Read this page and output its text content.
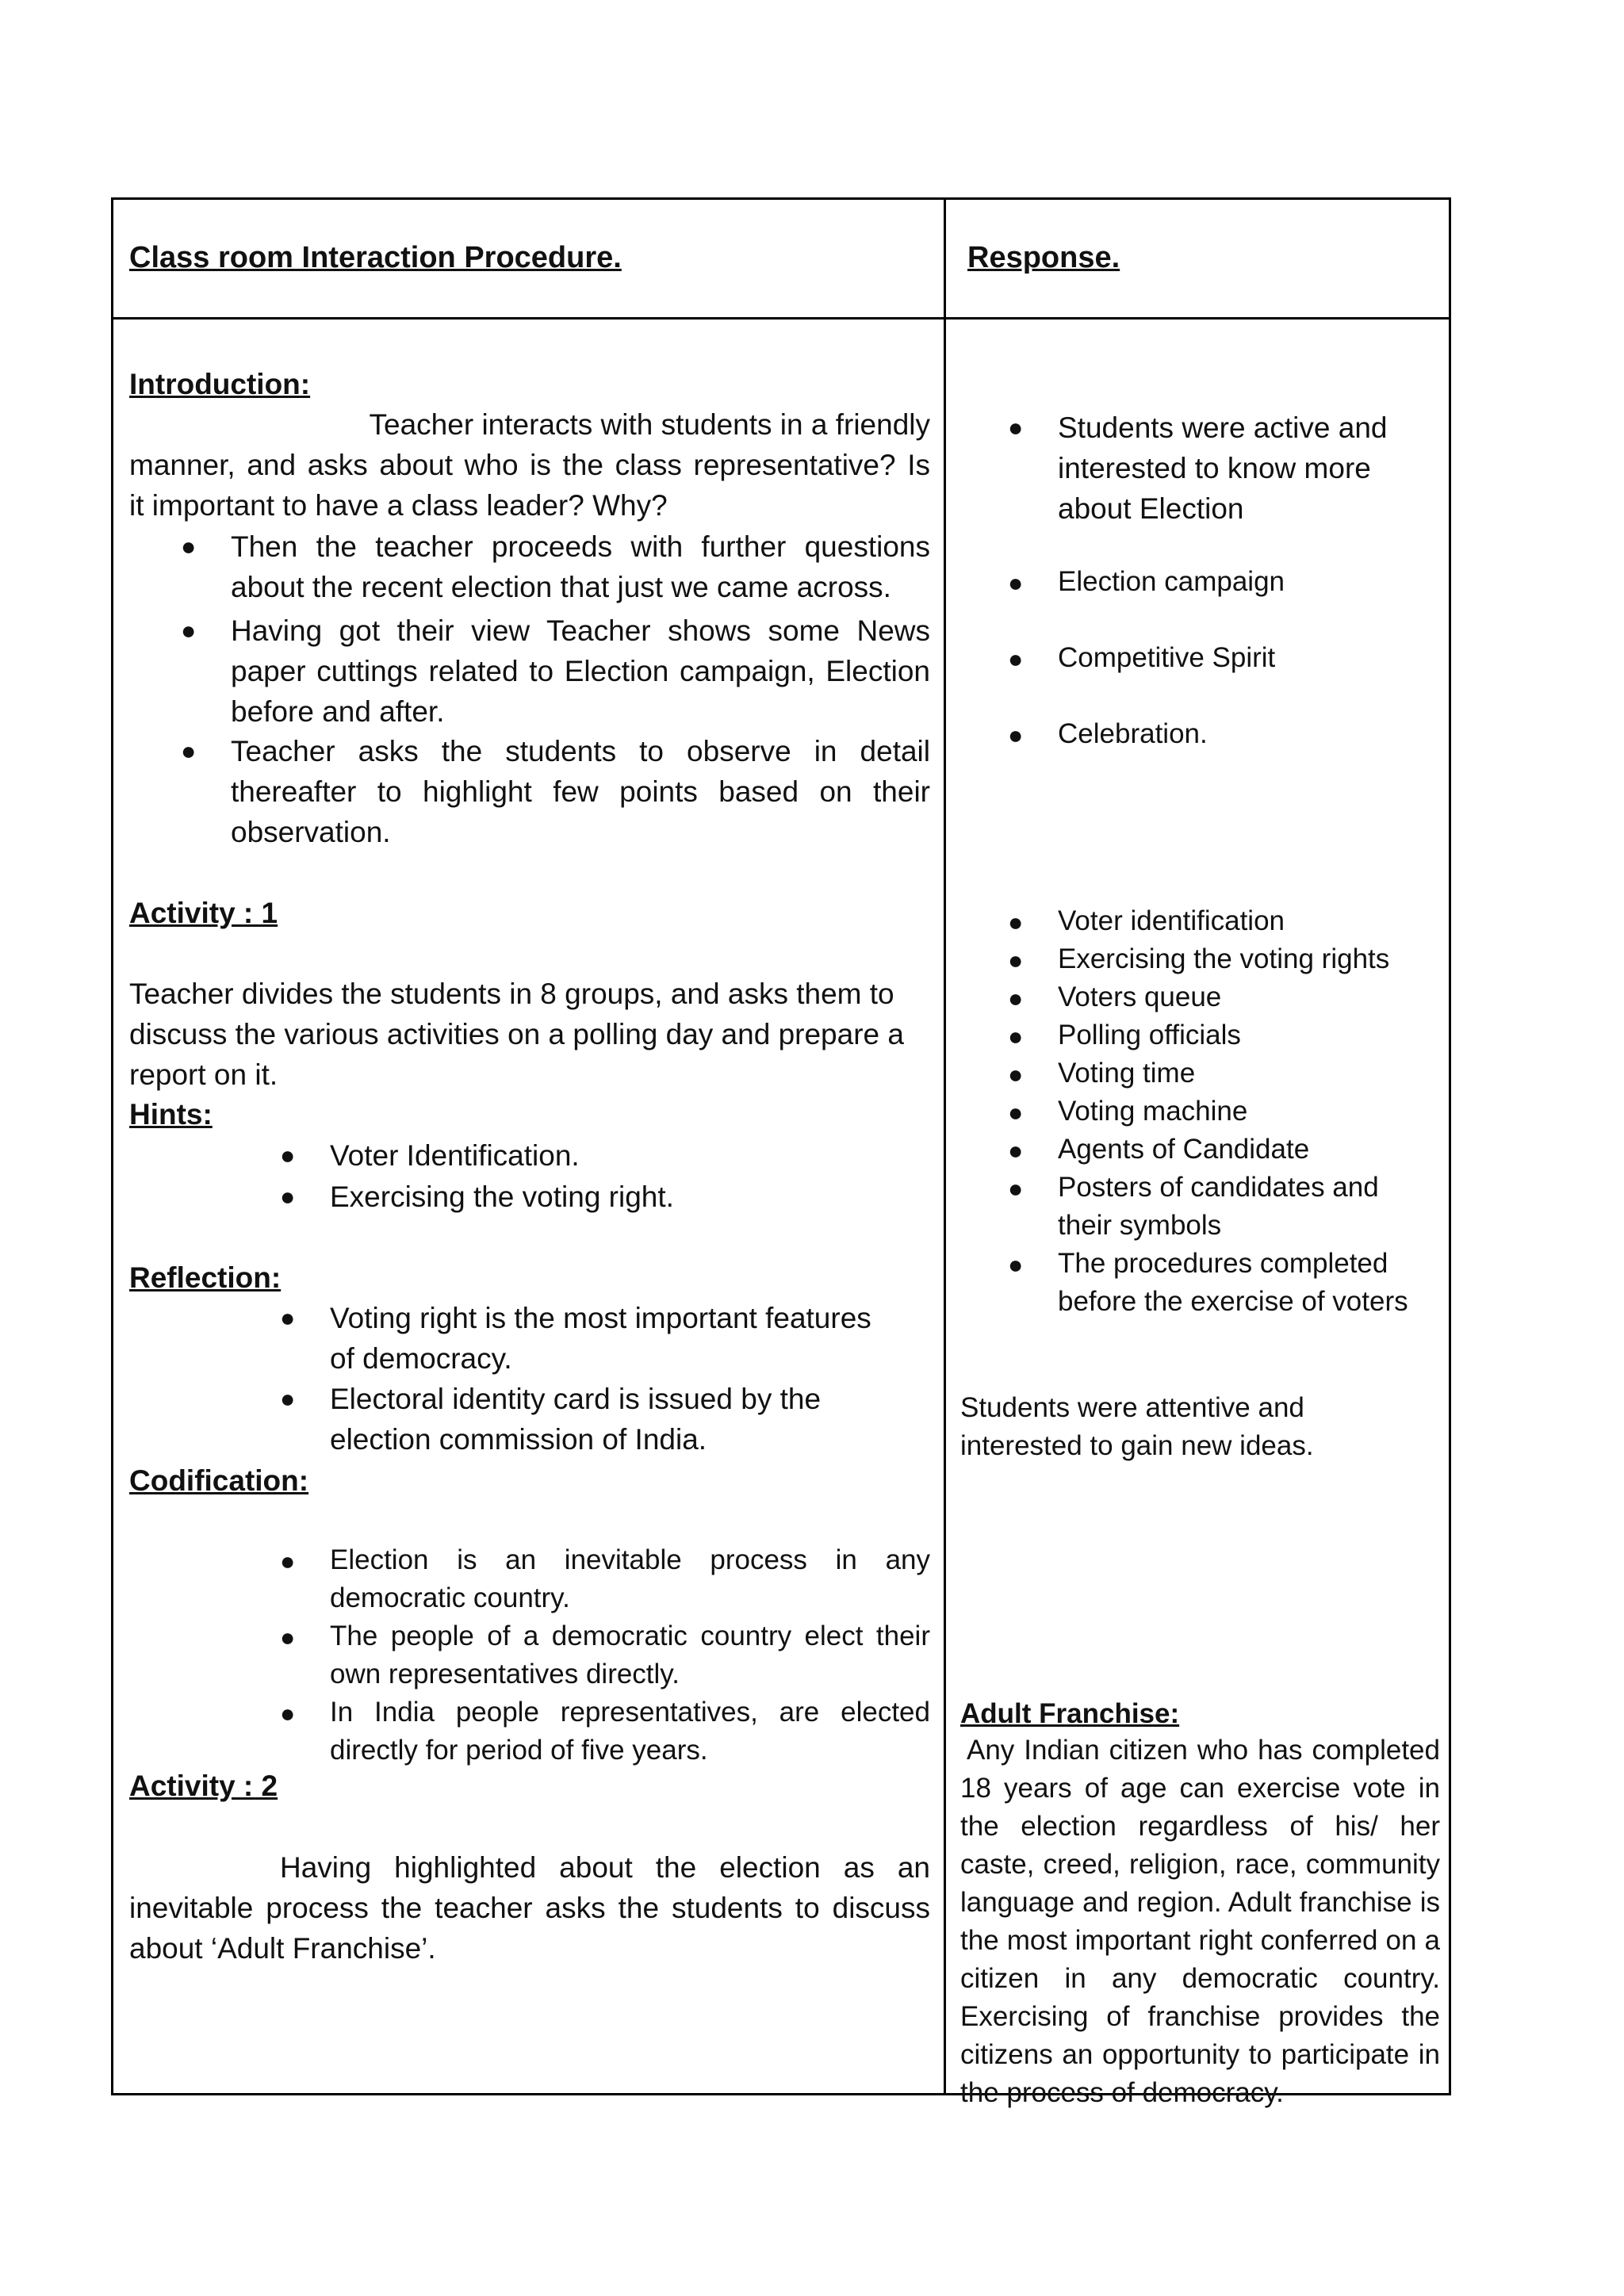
Class room Interaction Procedure.	Response.
Introduction:
Teacher interacts with students in a friendly
manner, and asks about who is the class representative? Is
it important to have a class leader? Why?
● Then the teacher proceeds with further questions about the recent election that just we came across.
● Having got their view Teacher shows some News paper cuttings related to Election campaign, Election before and after.
● Teacher asks the students to observe in detail thereafter to highlight few points based on their observation.
Activity : 1
Teacher divides the students in 8 groups, and asks them to discuss the various activities on a polling day and prepare a report on it.
Hints:
● Voter Identification.
● Exercising the voting right.
Reflection:
● Voting right is the most important features of democracy.
● Electoral identity card is issued by the election commission of India.
Codification:
● Election is an inevitable process in any democratic country.
● The people of a democratic country elect their own representatives directly.
● In India people representatives, are elected directly for period of five years.
Activity : 2
Having highlighted about the election as an inevitable process the teacher asks the students to discuss about ‘Adult Franchise’.
● Students were active and interested to know more about Election
● Election campaign
● Competitive Spirit
● Celebration.
● Voter identification
● Exercising the voting rights
● Voters queue
● Polling officials
● Voting time
● Voting machine
● Agents of Candidate
● Posters of candidates and their symbols
● The procedures completed before the exercise of voters
Students were attentive and interested to gain new ideas.
Adult Franchise:
Any Indian citizen who has completed 18 years of age can exercise vote in the election regardless of his/ her caste, creed, religion, race, community language and region. Adult franchise is the most important right conferred on a citizen in any democratic country. Exercising of franchise provides the citizens an opportunity to participate in the process of democracy.
